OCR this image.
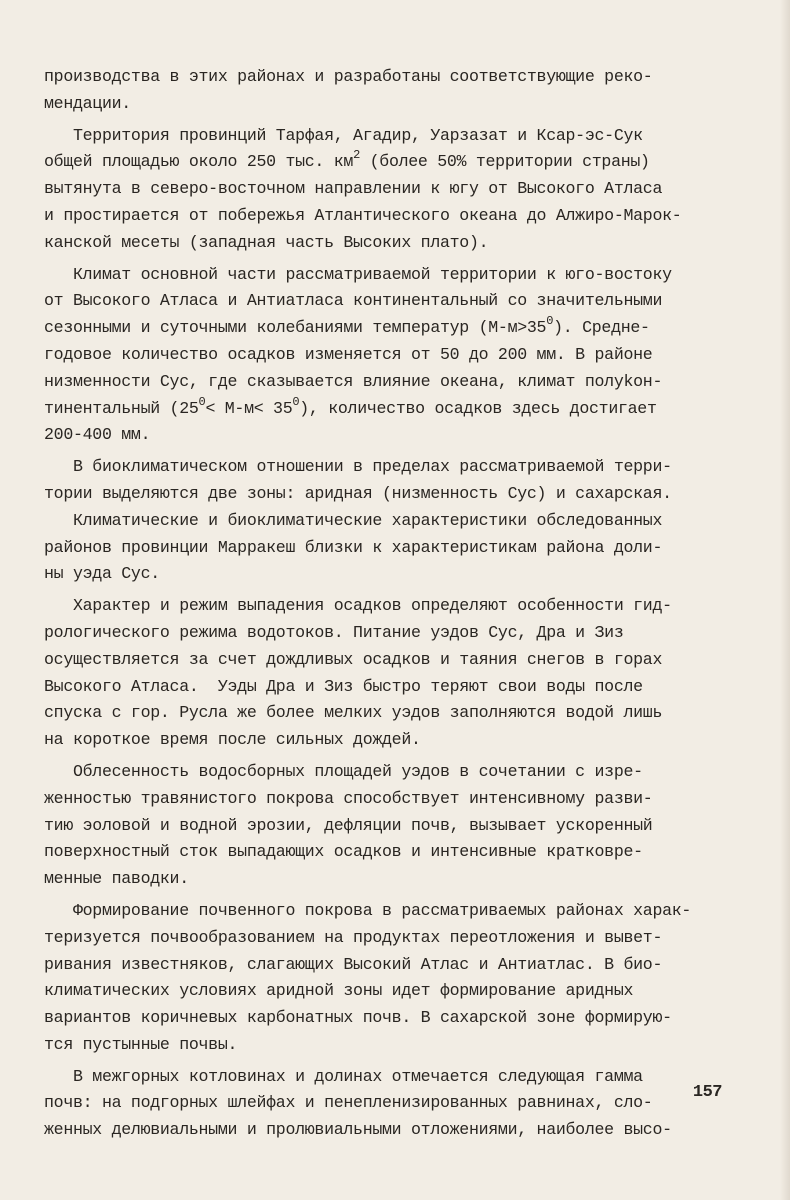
производства в этих районах и разработаны соответствующие реко-
мендации.
Территория провинций Тарфая, Агадир, Уарзазат и Ксар-эс-Сук
общей площадью около 250 тыс. $км^2$ (более 50% территории страны)
вытянута в северо-восточном направлении к югу от Высокого Атласа
и простирается от побережья Атлантического океана до Алжиро-Марок-
канской месеты (западная часть Высоких плато).
Климат основной части рассматриваемой территории к юго-востоку
от Высокого Атласа и Антиатласа континентальный со значительными
сезонными и суточными колебаниями температур $(М-м>35^0)$. Средне-
годовое количество осадков изменяется от 50 до 200 мм. В районе
низменности Сус, где сказывается влияние океана, климат полуkон-
тинентальный $(25^0< М-м< 35^0)$, количество осадков здесь достигает
200-400 мм.
В биоклиматическом отношении в пределах рассматриваемой терри-
тории выделяются две зоны: аридная (низменность Сус) и сахарская.
Климатические и биоклиматические характеристики обследованных
районов провинции Марракеш близки к характеристикам района доли-
ны уэда Сус.
Характер и режим выпадения осадков определяют особенности гид-
рологического режима водотоков. Питание уэдов Сус, Дра и Зиз
осуществляется за счет дождливых осадков и таяния снегов в горах
Высокого Атласа.  Уэды Дра и Зиз быстро теряют свои воды после
спуска с гор. Русла же более мелких уэдов заполняются водой лишь
на короткое время после сильных дождей.
Облесенность водосборных площадей уэдов в сочетании с изре-
женностью травянистого покрова способствует интенсивному разви-
тию эоловой и водной эрозии, дефляции почв, вызывает ускоренный
поверхностный сток выпадающих осадков и интенсивные кратковре-
менные паводки.
Формирование почвенного покрова в рассматриваемых районах харак-
теризуется почвообразованием на продуктах переотложения и вывет-
ривания известняков, слагающих Высокий Атлас и Антиатлас. В био-
климатических условиях аридной зоны идет формирование аридных
вариантов коричневых карбонатных почв. В сахарской зоне формирую-
тся пустынные почвы.
В межгорных котловинах и долинах отмечается следующая гамма
почв: на подгорных шлейфах и пенепленизированных равнинах, сло-
женных делювиальными и пролювиальными отложениями, наиболее высо-
157
